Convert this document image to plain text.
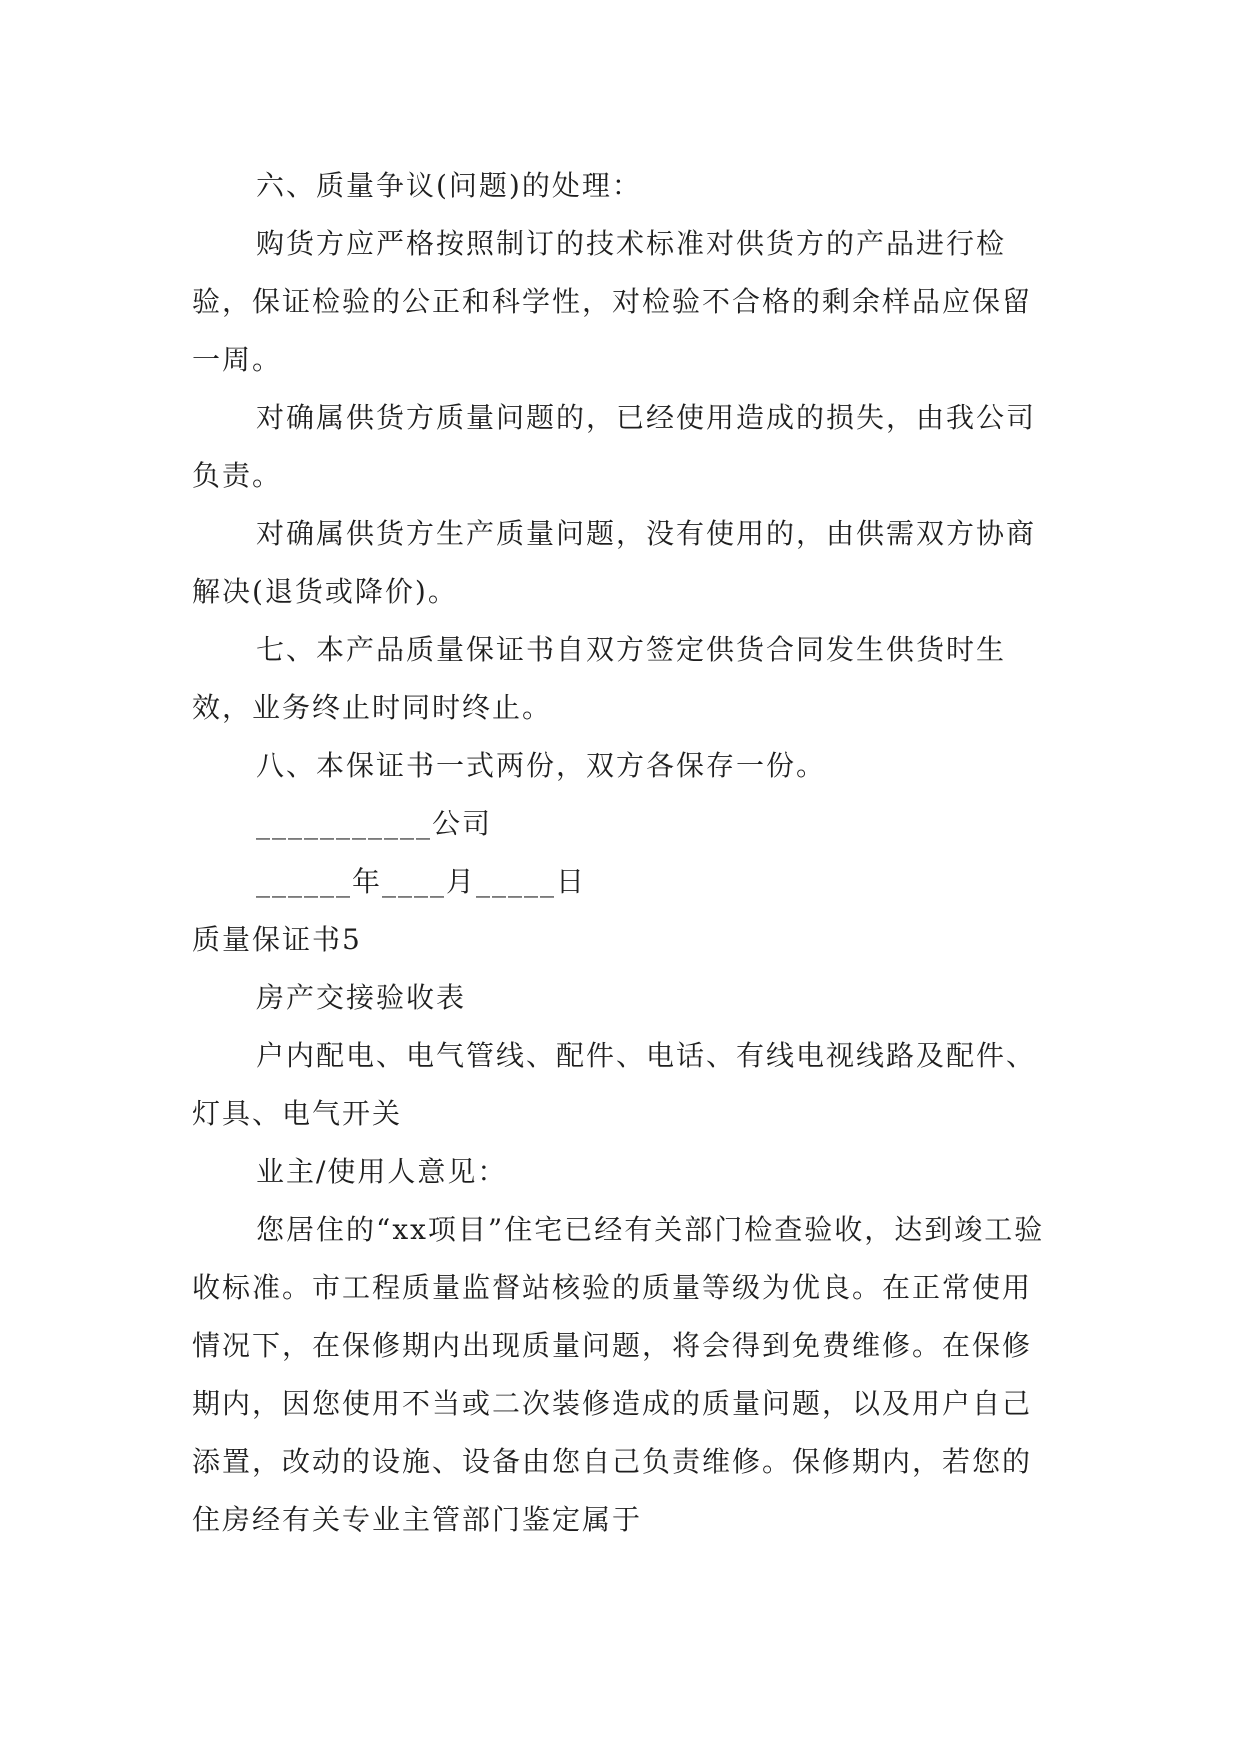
六、质量争议(问题)的处理：

购货方应严格按照制订的技术标准对供货方的产品进行检验，保证检验的公正和科学性，对检验不合格的剩余样品应保留一周。

对确属供货方质量问题的，已经使用造成的损失，由我公司负责。

对确属供货方生产质量问题，没有使用的，由供需双方协商解决(退货或降价)。

七、本产品质量保证书自双方签定供货合同发生供货时生效，业务终止时同时终止。

八、本保证书一式两份，双方各保存一份。

___________公司

______年____月_____日

质量保证书5

房产交接验收表

户内配电、电气管线、配件、电话、有线电视线路及配件、灯具、电气开关

业主/使用人意见：

您居住的“xx项目”住宅已经有关部门检查验收，达到竣工验收标准。市工程质量监督站核验的质量等级为优良。在正常使用情况下，在保修期内出现质量问题，将会得到免费维修。在保修期内，因您使用不当或二次装修造成的质量问题，以及用户自己添置，改动的设施、设备由您自己负责维修。保修期内，若您的住房经有关专业主管部门鉴定属于
